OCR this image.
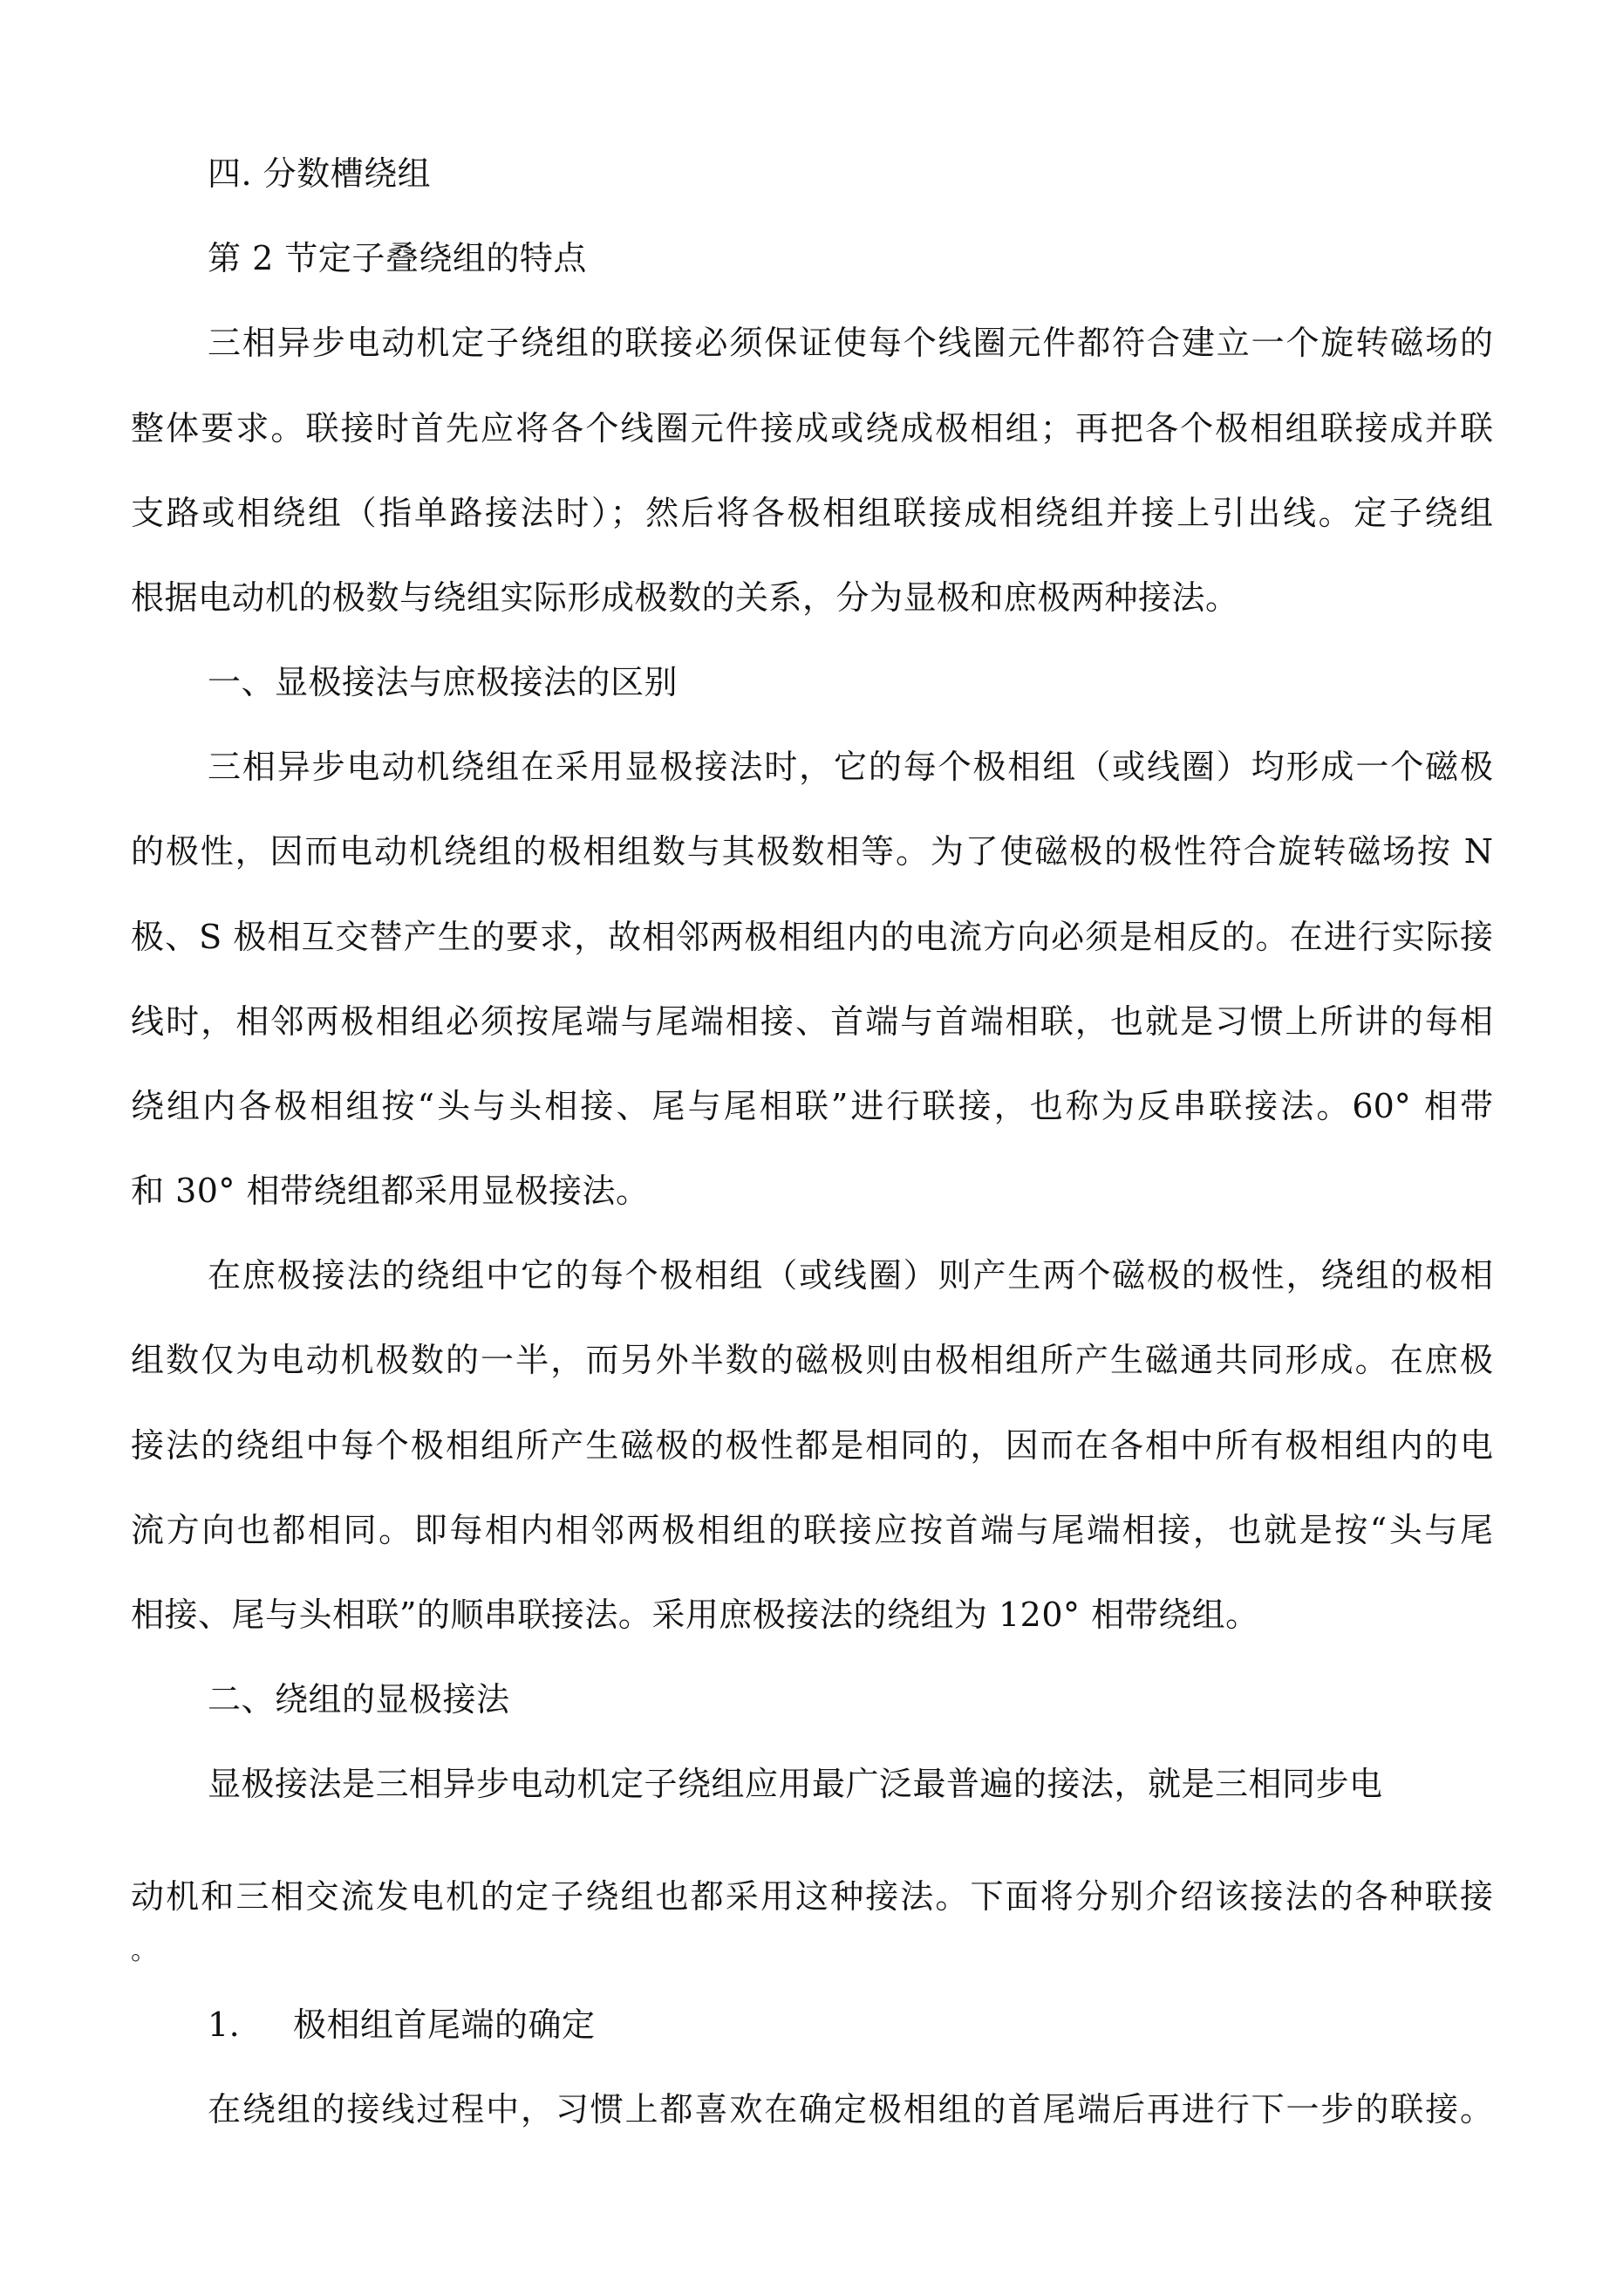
四. 分数槽绕组
第 2 节定子叠绕组的特点
三相异步电动机定子绕组的联接必须保证使每个线圈元件都符合建立一个旋转磁场的
整体要求。联接时首先应将各个线圈元件接成或绕成极相组；再把各个极相组联接成并联
支路或相绕组（指单路接法时）；然后将各极相组联接成相绕组并接上引出线。定子绕组
根据电动机的极数与绕组实际形成极数的关系，分为显极和庶极两种接法。
一、显极接法与庶极接法的区别
三相异步电动机绕组在采用显极接法时，它的每个极相组（或线圈）均形成一个磁极
的极性，因而电动机绕组的极相组数与其极数相等。为了使磁极的极性符合旋转磁场按 N
极、S 极相互交替产生的要求，故相邻两极相组内的电流方向必须是相反的。在进行实际接
线时，相邻两极相组必须按尾端与尾端相接、首端与首端相联，也就是习惯上所讲的每相
绕组内各极相组按“头与头相接、尾与尾相联”进行联接，也称为反串联接法。60° 相带
和 30° 相带绕组都采用显极接法。
在庶极接法的绕组中它的每个极相组（或线圈）则产生两个磁极的极性，绕组的极相
组数仅为电动机极数的一半，而另外半数的磁极则由极相组所产生磁通共同形成。在庶极
接法的绕组中每个极相组所产生磁极的极性都是相同的，因而在各相中所有极相组内的电
流方向也都相同。即每相内相邻两极相组的联接应按首端与尾端相接，也就是按“头与尾
相接、尾与头相联”的顺串联接法。采用庶极接法的绕组为 120° 相带绕组。
二、绕组的显极接法
显极接法是三相异步电动机定子绕组应用最广泛最普遍的接法，就是三相同步电
动机和三相交流发电机的定子绕组也都采用这种接法。下面将分别介绍该接法的各种联接
。
1. 极相组首尾端的确定
在绕组的接线过程中，习惯上都喜欢在确定极相组的首尾端后再进行下一步的联接。
